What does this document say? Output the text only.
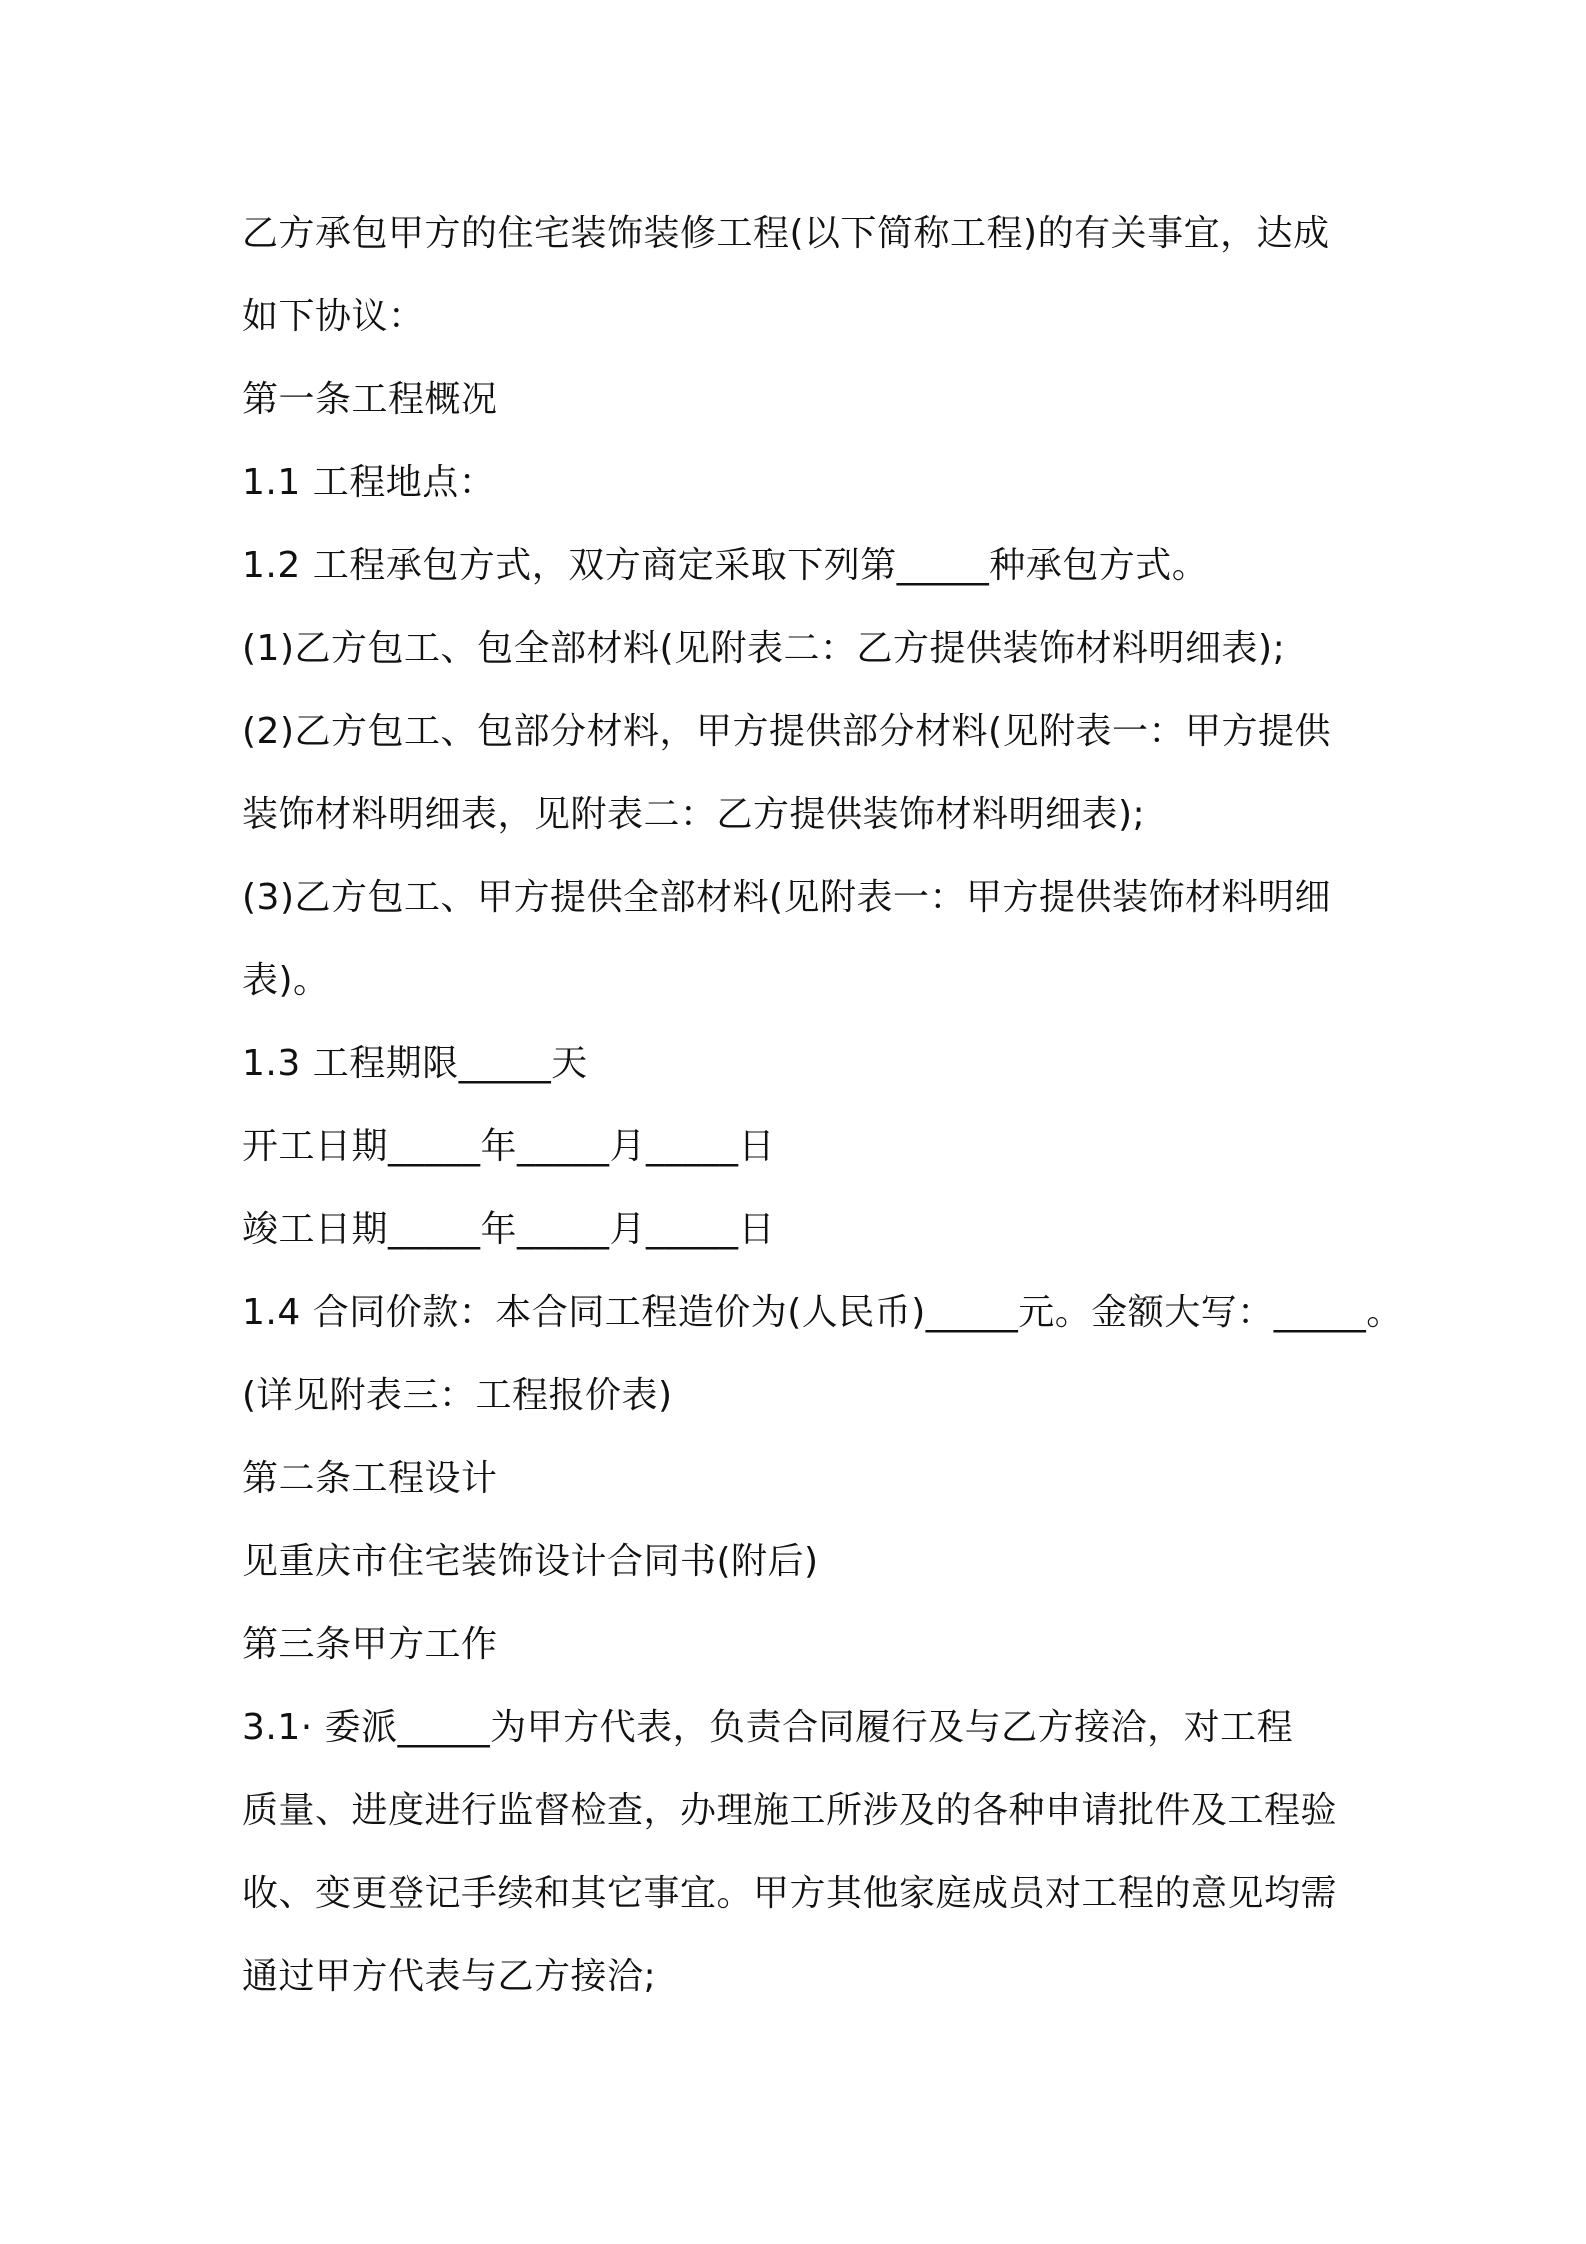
乙方承包甲方的住宅装饰装修工程(以下简称工程)的有关事宜，达成

如下协议：

第一条工程概况

1.1 工程地点：

1.2 工程承包方式，双方商定采取下列第_____种承包方式。

(1)乙方包工、包全部材料(见附表二：乙方提供装饰材料明细表);

(2)乙方包工、包部分材料，甲方提供部分材料(见附表一：甲方提供

装饰材料明细表，见附表二：乙方提供装饰材料明细表);

(3)乙方包工、甲方提供全部材料(见附表一：甲方提供装饰材料明细

表)。

1.3 工程期限_____天

开工日期_____年_____月_____日

竣工日期_____年_____月_____日

1.4 合同价款：本合同工程造价为(人民币)_____元。金额大写：_____。

(详见附表三：工程报价表)

第二条工程设计

见重庆市住宅装饰设计合同书(附后)

第三条甲方工作

3.1· 委派_____为甲方代表，负责合同履行及与乙方接洽，对工程

质量、进度进行监督检查，办理施工所涉及的各种申请批件及工程验

收、变更登记手续和其它事宜。甲方其他家庭成员对工程的意见均需

通过甲方代表与乙方接洽;
